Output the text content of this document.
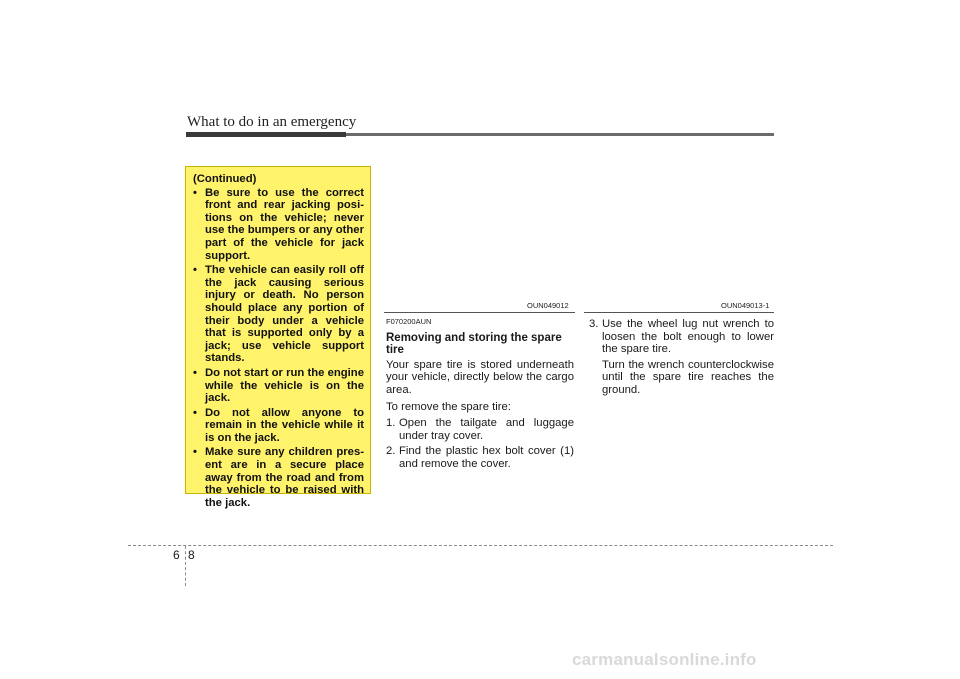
What to do in an emergency
(Continued)
• Be sure to use the correct front and rear jacking posi-tions on the vehicle; never use the bumpers or any other part of the vehicle for jack support.
• The vehicle can easily roll off the jack causing serious injury or death. No person should place any portion of their body under a vehicle that is supported only by a jack; use vehicle support stands.
• Do not start or run the engine while the vehicle is on the jack.
• Do not allow anyone to remain in the vehicle while it is on the jack.
• Make sure any children pres-ent are in a secure place away from the road and from the vehicle to be raised with the jack.
OUN049012	OUN049013-1
F070200AUN
Removing and storing the spare tire

Your spare tire is stored underneath your vehicle, directly below the cargo area.

To remove the spare tire:

1. Open the tailgate and luggage under tray cover.
2. Find the plastic hex bolt cover (1) and remove the cover.
3. Use the wheel lug nut wrench to loosen the bolt enough to lower the spare tire.
Turn the wrench counterclockwise until the spare tire reaches the ground.
6 8
carmanualsonline.info
